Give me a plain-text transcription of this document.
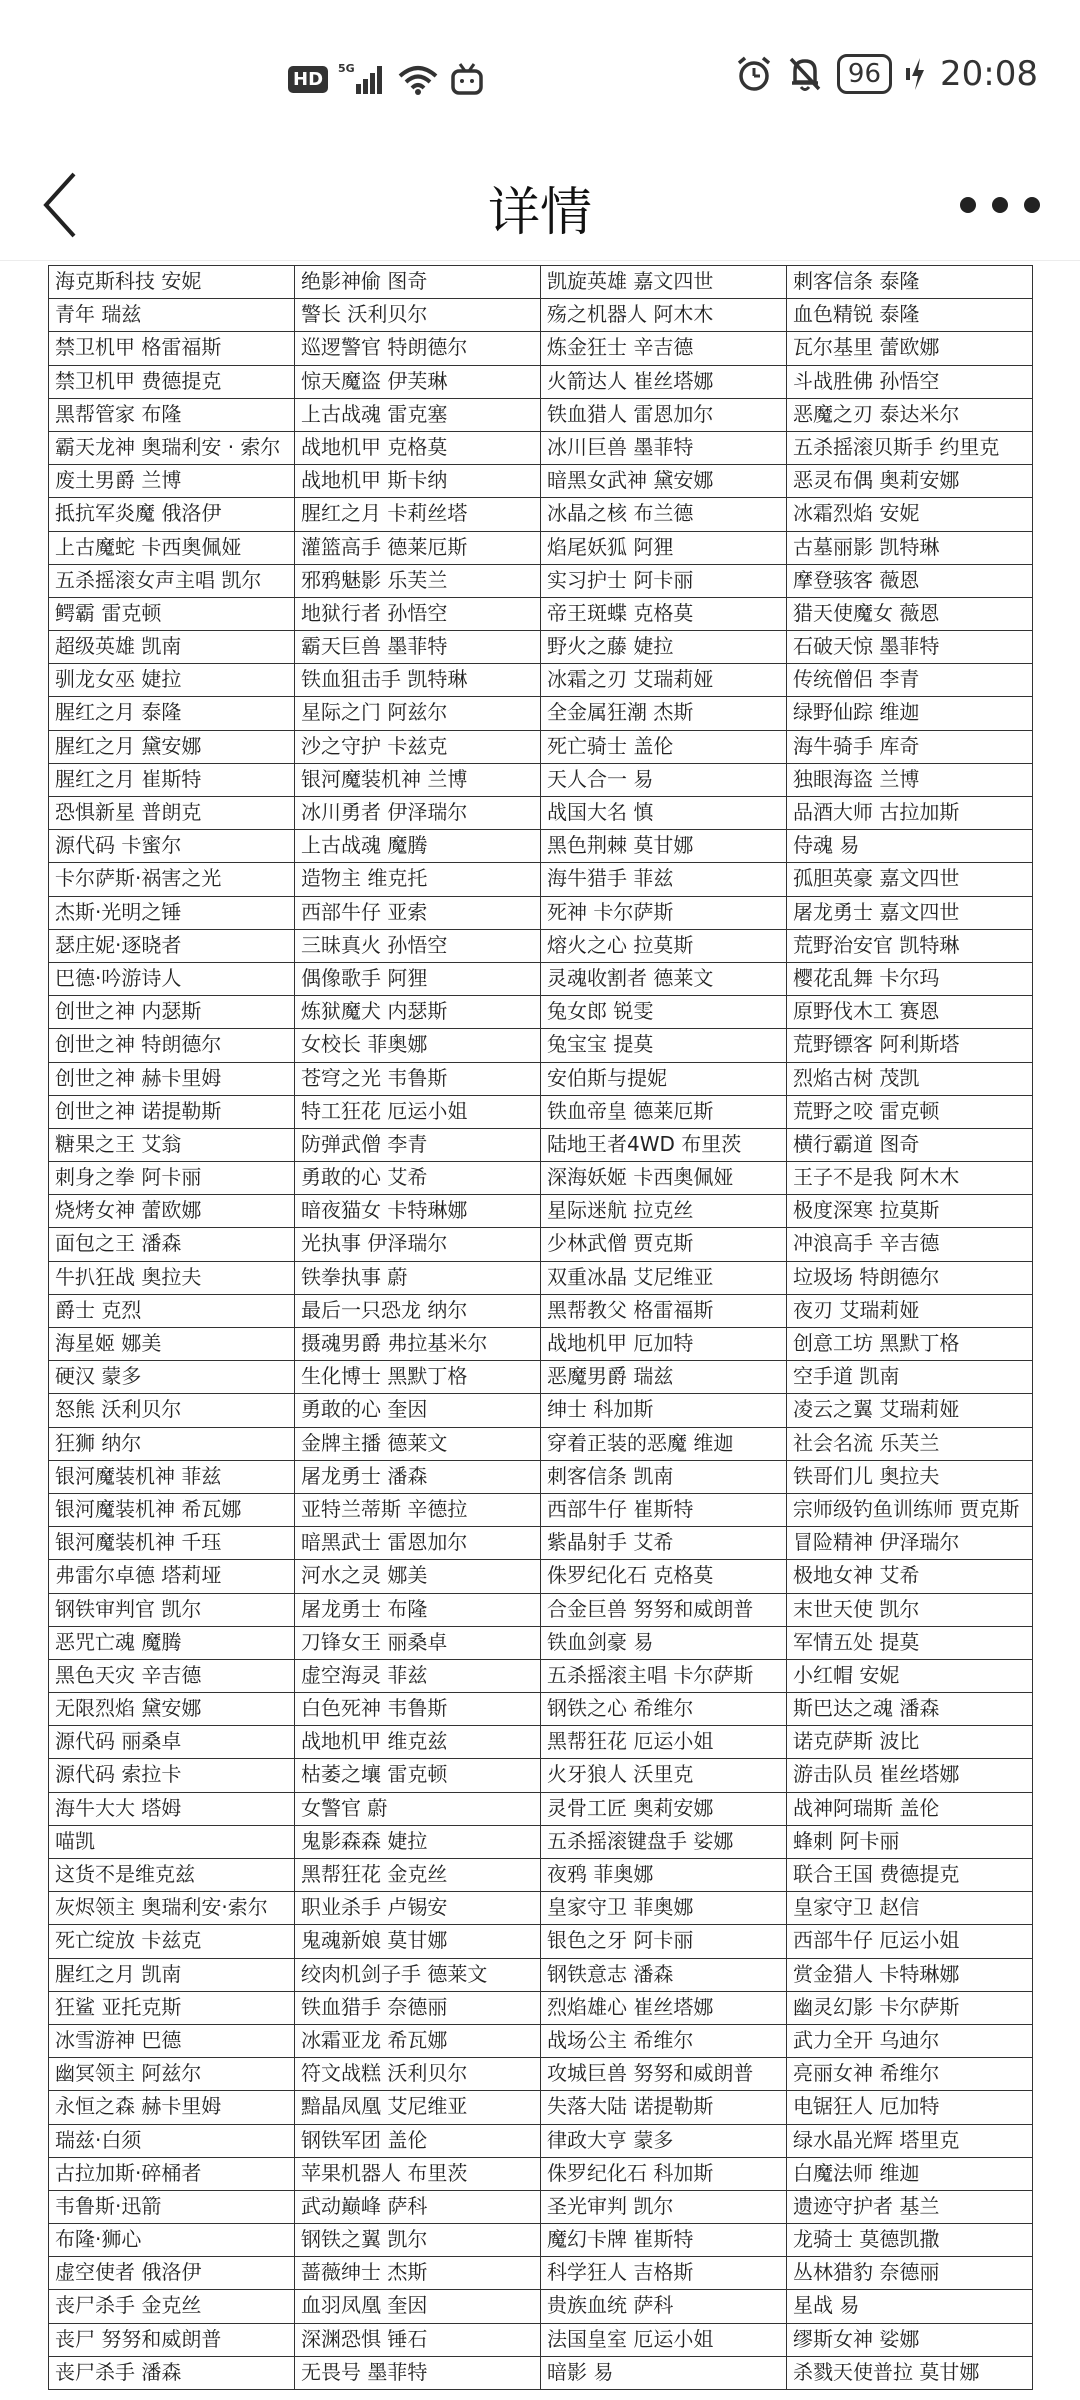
HD	5G	96	20:08
详情
海克斯科技 安妮	绝影神偷 图奇	凯旋英雄 嘉文四世	刺客信条 泰隆
青年 瑞兹	警长 沃利贝尔	殇之机器人 阿木木	血色精锐 泰隆
禁卫机甲 格雷福斯	巡逻警官 特朗德尔	炼金狂士 辛吉德	瓦尔基里 蕾欧娜
禁卫机甲 费德提克	惊天魔盗 伊芙琳	火箭达人 崔丝塔娜	斗战胜佛 孙悟空
黑帮管家 布隆	上古战魂 雷克塞	铁血猎人 雷恩加尔	恶魔之刃 泰达米尔
霸天龙神 奥瑞利安 · 索尔	战地机甲 克格莫	冰川巨兽 墨菲特	五杀摇滚贝斯手 约里克
废土男爵 兰博	战地机甲 斯卡纳	暗黑女武神 黛安娜	恶灵布偶 奥莉安娜
抵抗军炎魔 俄洛伊	腥红之月 卡莉丝塔	冰晶之核 布兰德	冰霜烈焰 安妮
上古魔蛇 卡西奥佩娅	灌篮高手 德莱厄斯	焰尾妖狐 阿狸	古墓丽影 凯特琳
五杀摇滚女声主唱 凯尔	邪鸦魅影 乐芙兰	实习护士 阿卡丽	摩登骇客 薇恩
鳄霸 雷克顿	地狱行者 孙悟空	帝王斑蝶 克格莫	猎天使魔女 薇恩
超级英雄 凯南	霸天巨兽 墨菲特	野火之藤 婕拉	石破天惊 墨菲特
驯龙女巫 婕拉	铁血狙击手 凯特琳	冰霜之刃 艾瑞莉娅	传统僧侣 李青
腥红之月 泰隆	星际之门 阿兹尔	全金属狂潮 杰斯	绿野仙踪 维迦
腥红之月 黛安娜	沙之守护 卡兹克	死亡骑士 盖伦	海牛骑手 库奇
腥红之月 崔斯特	银河魔装机神 兰博	天人合一 易	独眼海盗 兰博
恐惧新星 普朗克	冰川勇者 伊泽瑞尔	战国大名 慎	品酒大师 古拉加斯
源代码 卡蜜尔	上古战魂 魔腾	黑色荆棘 莫甘娜	侍魂 易
卡尔萨斯·祸害之光	造物主 维克托	海牛猎手 菲兹	孤胆英豪 嘉文四世
杰斯·光明之锤	西部牛仔 亚索	死神 卡尔萨斯	屠龙勇士 嘉文四世
瑟庄妮·逐晓者	三昧真火 孙悟空	熔火之心 拉莫斯	荒野治安官 凯特琳
巴德·吟游诗人	偶像歌手 阿狸	灵魂收割者 德莱文	樱花乱舞 卡尔玛
创世之神 内瑟斯	炼狱魔犬 内瑟斯	兔女郎 锐雯	原野伐木工 赛恩
创世之神 特朗德尔	女校长 菲奥娜	兔宝宝 提莫	荒野镖客 阿利斯塔
创世之神 赫卡里姆	苍穹之光 韦鲁斯	安伯斯与提妮	烈焰古树 茂凯
创世之神 诺提勒斯	特工狂花 厄运小姐	铁血帝皇 德莱厄斯	荒野之咬 雷克顿
糖果之王 艾翁	防弹武僧 李青	陆地王者4WD 布里茨	横行霸道 图奇
刺身之拳 阿卡丽	勇敢的心 艾希	深海妖姬 卡西奥佩娅	王子不是我 阿木木
烧烤女神 蕾欧娜	暗夜猫女 卡特琳娜	星际迷航 拉克丝	极度深寒 拉莫斯
面包之王 潘森	光执事 伊泽瑞尔	少林武僧 贾克斯	冲浪高手 辛吉德
牛扒狂战 奥拉夫	铁拳执事 蔚	双重冰晶 艾尼维亚	垃圾场 特朗德尔
爵士 克烈	最后一只恐龙 纳尔	黑帮教父 格雷福斯	夜刃 艾瑞莉娅
海星姬 娜美	摄魂男爵 弗拉基米尔	战地机甲 厄加特	创意工坊 黑默丁格
硬汉 蒙多	生化博士 黑默丁格	恶魔男爵 瑞兹	空手道 凯南
怒熊 沃利贝尔	勇敢的心 奎因	绅士 科加斯	凌云之翼 艾瑞莉娅
狂狮 纳尔	金牌主播 德莱文	穿着正装的恶魔 维迦	社会名流 乐芙兰
银河魔装机神 菲兹	屠龙勇士 潘森	刺客信条 凯南	铁哥们儿 奥拉夫
银河魔装机神 希瓦娜	亚特兰蒂斯 辛德拉	西部牛仔 崔斯特	宗师级钓鱼训练师 贾克斯
银河魔装机神 千珏	暗黑武士 雷恩加尔	紫晶射手 艾希	冒险精神 伊泽瑞尔
弗雷尔卓德 塔莉垭	河水之灵 娜美	侏罗纪化石 克格莫	极地女神 艾希
钢铁审判官 凯尔	屠龙勇士 布隆	合金巨兽 努努和威朗普	末世天使 凯尔
恶咒亡魂 魔腾	刀锋女王 丽桑卓	铁血剑豪 易	军情五处 提莫
黑色天灾 辛吉德	虚空海灵 菲兹	五杀摇滚主唱 卡尔萨斯	小红帽 安妮
无限烈焰 黛安娜	白色死神 韦鲁斯	钢铁之心 希维尔	斯巴达之魂 潘森
源代码 丽桑卓	战地机甲 维克兹	黑帮狂花 厄运小姐	诺克萨斯 波比
源代码 索拉卡	枯萎之壤 雷克顿	火牙狼人 沃里克	游击队员 崔丝塔娜
海牛大大 塔姆	女警官 蔚	灵骨工匠 奥莉安娜	战神阿瑞斯 盖伦
喵凯	鬼影森森 婕拉	五杀摇滚键盘手 娑娜	蜂刺 阿卡丽
这货不是维克兹	黑帮狂花 金克丝	夜鸦 菲奥娜	联合王国 费德提克
灰烬领主 奥瑞利安·索尔	职业杀手 卢锡安	皇家守卫 菲奥娜	皇家守卫 赵信
死亡绽放 卡兹克	鬼魂新娘 莫甘娜	银色之牙 阿卡丽	西部牛仔 厄运小姐
腥红之月 凯南	绞肉机剑子手 德莱文	钢铁意志 潘森	赏金猎人 卡特琳娜
狂鲨 亚托克斯	铁血猎手 奈德丽	烈焰雄心 崔丝塔娜	幽灵幻影 卡尔萨斯
冰雪游神 巴德	冰霜亚龙 希瓦娜	战场公主 希维尔	武力全开 乌迪尔
幽冥领主 阿兹尔	符文战糕 沃利贝尔	攻城巨兽 努努和威朗普	亮丽女神 希维尔
永恒之森 赫卡里姆	黯晶凤凰 艾尼维亚	失落大陆 诺提勒斯	电锯狂人 厄加特
瑞兹·白须	钢铁军团 盖伦	律政大亨 蒙多	绿水晶光辉 塔里克
古拉加斯·碎桶者	苹果机器人 布里茨	侏罗纪化石 科加斯	白魔法师 维迦
韦鲁斯·迅箭	武动巅峰 萨科	圣光审判 凯尔	遗迹守护者 基兰
布隆·狮心	钢铁之翼 凯尔	魔幻卡牌 崔斯特	龙骑士 莫德凯撒
虚空使者 俄洛伊	蔷薇绅士 杰斯	科学狂人 吉格斯	丛林猎豹 奈德丽
丧尸杀手 金克丝	血羽凤凰 奎因	贵族血统 萨科	星战 易
丧尸 努努和威朗普	深渊恐惧 锤石	法国皇室 厄运小姐	缪斯女神 娑娜
丧尸杀手 潘森	无畏号 墨菲特	暗影 易	杀戮天使普拉 莫甘娜
